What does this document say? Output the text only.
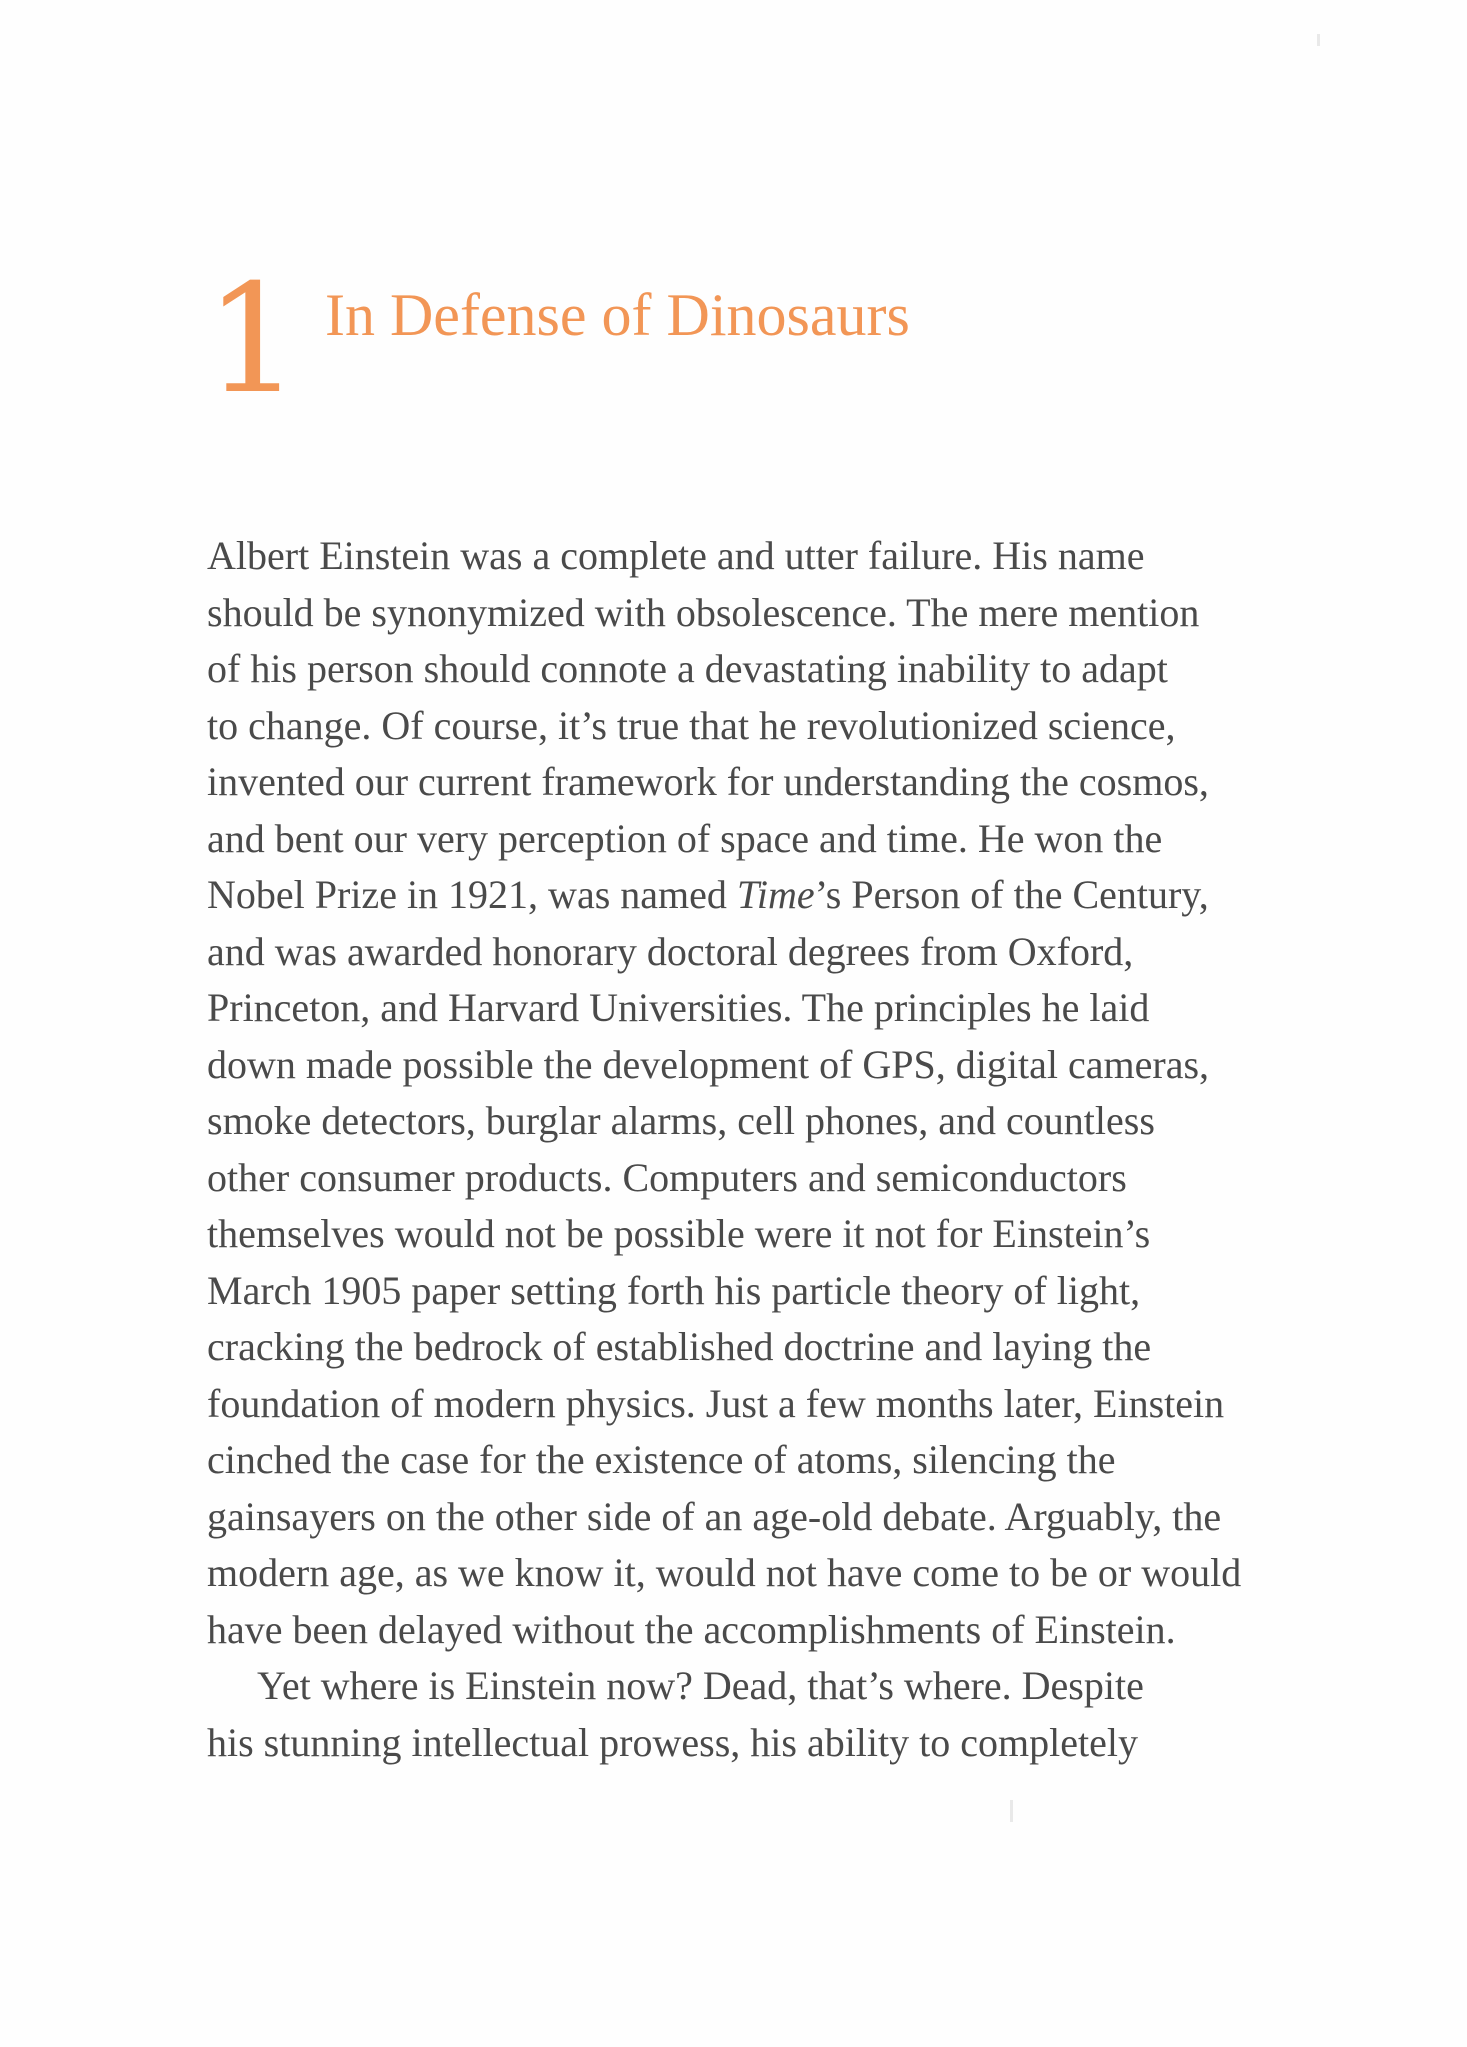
1 In Defense of Dinosaurs

Albert Einstein was a complete and utter failure. His name
should be synonymized with obsolescence. The mere mention
of his person should connote a devastating inability to adapt
to change. Of course, it’s true that he revolutionized science,
invented our current framework for understanding the cosmos,
and bent our very perception of space and time. He won the
Nobel Prize in 1921, was named Time’s Person of the Century,
and was awarded honorary doctoral degrees from Oxford,
Princeton, and Harvard Universities. The principles he laid
down made possible the development of GPS, digital cameras,
smoke detectors, burglar alarms, cell phones, and countless
other consumer products. Computers and semiconductors
themselves would not be possible were it not for Einstein’s
March 1905 paper setting forth his particle theory of light,
cracking the bedrock of established doctrine and laying the
foundation of modern physics. Just a few months later, Einstein
cinched the case for the existence of atoms, silencing the
gainsayers on the other side of an age-old debate. Arguably, the
modern age, as we know it, would not have come to be or would
have been delayed without the accomplishments of Einstein.

Yet where is Einstein now? Dead, that’s where. Despite
his stunning intellectual prowess, his ability to completely
